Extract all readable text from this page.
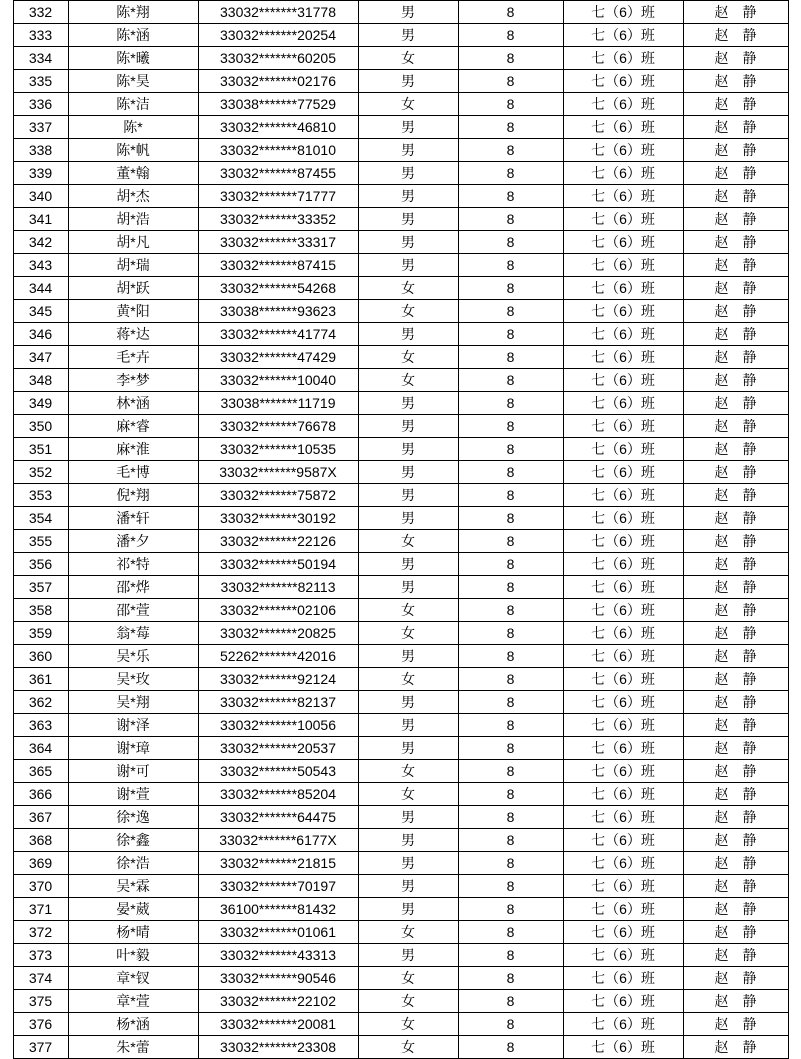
332	陈*翔	33032*******31778	男	8	七（6）班	赵　静
333	陈*涵	33032*******20254	男	8	七（6）班	赵　静
334	陈*曦	33032*******60205	女	8	七（6）班	赵　静
335	陈*昊	33032*******02176	男	8	七（6）班	赵　静
336	陈*洁	33038*******77529	女	8	七（6）班	赵　静
337	陈*	33032*******46810	男	8	七（6）班	赵　静
338	陈*帆	33032*******81010	男	8	七（6）班	赵　静
339	董*翰	33032*******87455	男	8	七（6）班	赵　静
340	胡*杰	33032*******71777	男	8	七（6）班	赵　静
341	胡*浩	33032*******33352	男	8	七（6）班	赵　静
342	胡*凡	33032*******33317	男	8	七（6）班	赵　静
343	胡*瑞	33032*******87415	男	8	七（6）班	赵　静
344	胡*跃	33032*******54268	女	8	七（6）班	赵　静
345	黄*阳	33038*******93623	女	8	七（6）班	赵　静
346	蒋*达	33032*******41774	男	8	七（6）班	赵　静
347	毛*卉	33032*******47429	女	8	七（6）班	赵　静
348	李*梦	33032*******10040	女	8	七（6）班	赵　静
349	林*涵	33038*******11719	男	8	七（6）班	赵　静
350	麻*睿	33032*******76678	男	8	七（6）班	赵　静
351	麻*淮	33032*******10535	男	8	七（6）班	赵　静
352	毛*博	33032*******9587X	男	8	七（6）班	赵　静
353	倪*翔	33032*******75872	男	8	七（6）班	赵　静
354	潘*轩	33032*******30192	男	8	七（6）班	赵　静
355	潘*夕	33032*******22126	女	8	七（6）班	赵　静
356	祁*特	33032*******50194	男	8	七（6）班	赵　静
357	邵*烨	33032*******82113	男	8	七（6）班	赵　静
358	邵*萱	33032*******02106	女	8	七（6）班	赵　静
359	翁*莓	33032*******20825	女	8	七（6）班	赵　静
360	吴*乐	52262*******42016	男	8	七（6）班	赵　静
361	吴*玫	33032*******92124	女	8	七（6）班	赵　静
362	吴*翔	33032*******82137	男	8	七（6）班	赵　静
363	谢*泽	33032*******10056	男	8	七（6）班	赵　静
364	谢*璋	33032*******20537	男	8	七（6）班	赵　静
365	谢*可	33032*******50543	女	8	七（6）班	赵　静
366	谢*萱	33032*******85204	女	8	七（6）班	赵　静
367	徐*逸	33032*******64475	男	8	七（6）班	赵　静
368	徐*鑫	33032*******6177X	男	8	七（6）班	赵　静
369	徐*浩	33032*******21815	男	8	七（6）班	赵　静
370	吴*霖	33032*******70197	男	8	七（6）班	赵　静
371	晏*葳	36100*******81432	男	8	七（6）班	赵　静
372	杨*晴	33032*******01061	女	8	七（6）班	赵　静
373	叶*毅	33032*******43313	男	8	七（6）班	赵　静
374	章*钗	33032*******90546	女	8	七（6）班	赵　静
375	章*萱	33032*******22102	女	8	七（6）班	赵　静
376	杨*涵	33032*******20081	女	8	七（6）班	赵　静
377	朱*蕾	33032*******23308	女	8	七（6）班	赵　静
